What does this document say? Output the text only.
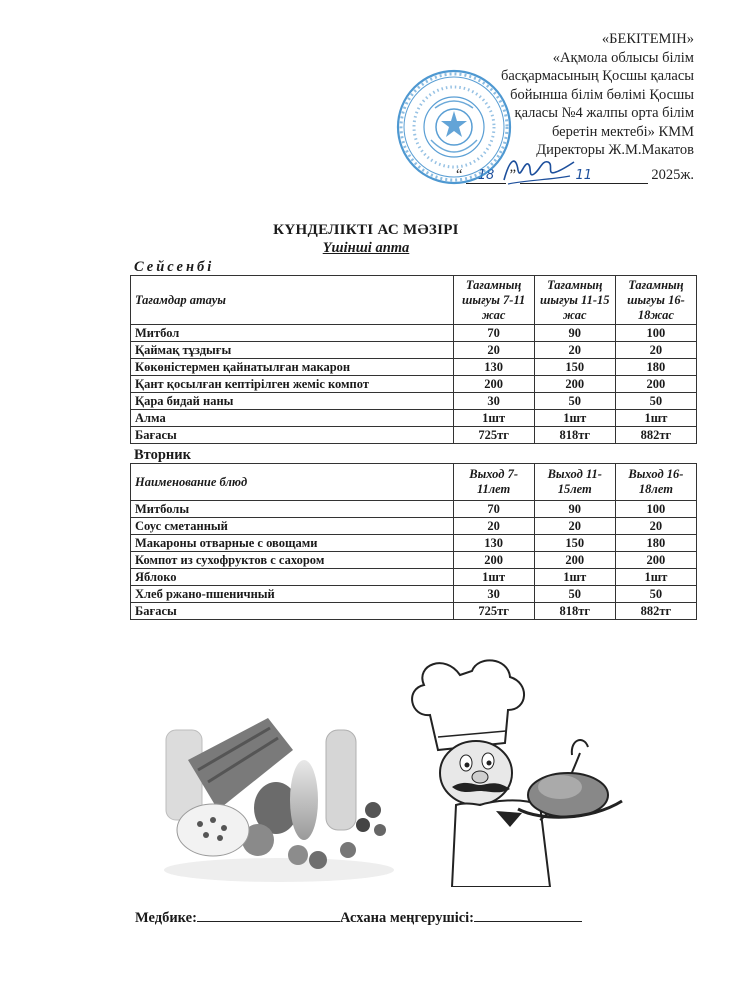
«БЕКІТЕМІН»
«Ақмола облысы білім
басқармасының Қосшы қаласы
бойынша білім бөлімі Қосшы
қаласы №4 жалпы орта білім
беретін мектебі» КММ
Директоры Ж.М.Макатов
“ 18 ”	11	2025ж.
КҮНДЕЛІКТІ АС МӘЗІРІ
Үшінші апта
Сейсенбі
Тағамдар атауы	Тағамның шығуы 7-11 жас	Тағамның шығуы 11-15 жас	Тағамның шығуы 16-18жас
Митбол	70	90	100
Қаймақ тұздығы	20	20	20
Көкөністермен қайнатылған макарон	130	150	180
Қант қосылған кептірілген жеміс компот	200	200	200
Қара бидай наны	30	50	50
Алма	1шт	1шт	1шт
Бағасы	725тг	818тг	882тг
Вторник
Наименование блюд	Выход 7-11лет	Выход 11-15лет	Выход 16-18лет
Митболы	70	90	100
Соус сметанный	20	20	20
Макароны отварные с овощами	130	150	180
Компот из сухофруктов с сахором	200	200	200
Яблоко	1шт	1шт	1шт
Хлеб ржано-пшеничный	30	50	50
Бағасы	725тг	818тг	882тг
Медбике:	Асхана меңгерушісі:
